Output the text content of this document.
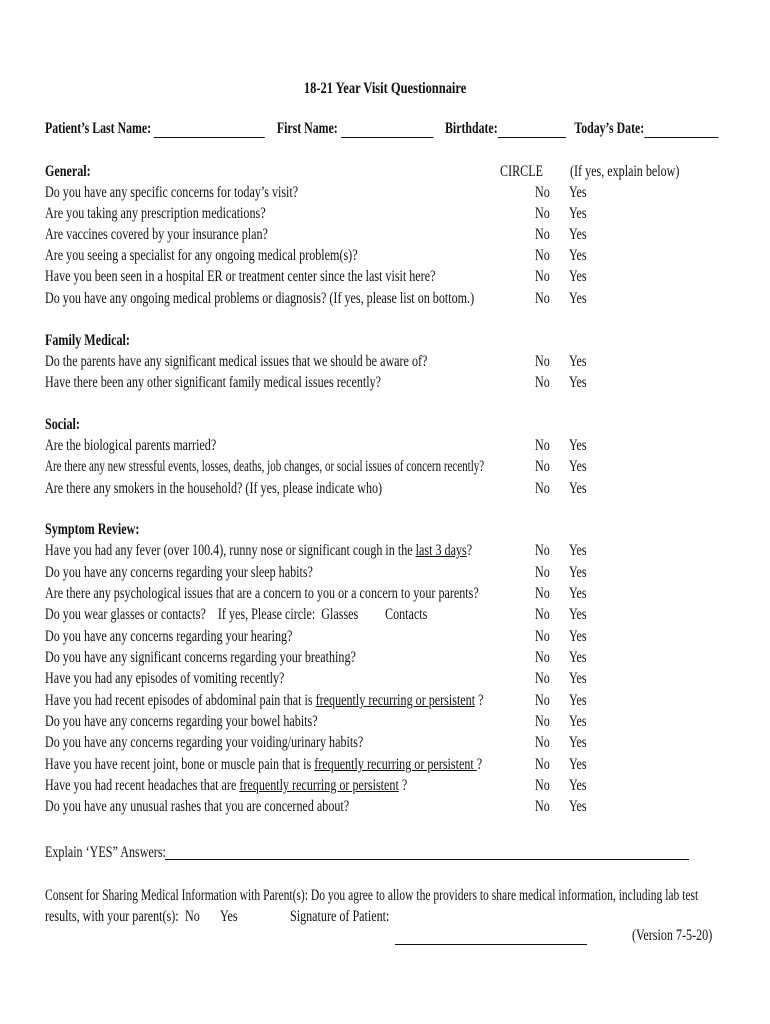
18-21 Year Visit Questionnaire
Patient’s Last Name:	First Name:	Birthdate:	Today’s Date:
General:	CIRCLE	(If yes, explain below)
Do you have any specific concerns for today’s visit?	No Yes
Are you taking any prescription medications?	No Yes
Are vaccines covered by your insurance plan?	No Yes
Are you seeing a specialist for any ongoing medical problem(s)?	No Yes
Have you been seen in a hospital ER or treatment center since the last visit here?	No Yes
Do you have any ongoing medical problems or diagnosis? (If yes, please list on bottom.)	No Yes
Family Medical:
Do the parents have any significant medical issues that we should be aware of?	No Yes
Have there been any other significant family medical issues recently?	No Yes
Social:
Are the biological parents married?	No Yes
Are there any new stressful events, losses, deaths, job changes, or social issues of concern recently?	No Yes
Are there any smokers in the household? (If yes, please indicate who)	No Yes
Symptom Review:
Have you had any fever (over 100.4), runny nose or significant cough in the last 3 days?	No Yes
Do you have any concerns regarding your sleep habits?	No Yes
Are there any psychological issues that are a concern to you or a concern to your parents?	No Yes
Do you wear glasses or contacts?    If yes, Please circle:  Glasses	Contacts	No Yes
Do you have any concerns regarding your hearing?	No Yes
Do you have any significant concerns regarding your breathing?	No Yes
Have you had any episodes of vomiting recently?	No Yes
Have you had recent episodes of abdominal pain that is frequently recurring or persistent ?	No Yes
Do you have any concerns regarding your bowel habits?	No Yes
Do you have any concerns regarding your voiding/urinary habits?	No Yes
Have you have recent joint, bone or muscle pain that is frequently recurring or persistent ?	No Yes
Have you had recent headaches that are frequently recurring or persistent ?	No Yes
Do you have any unusual rashes that you are concerned about?	No Yes
Explain ‘YES” Answers:
Consent for Sharing Medical Information with Parent(s): Do you agree to allow the providers to share medical information, including lab test
results, with your parent(s): No Yes	Signature of Patient:
(Version 7-5-20)
